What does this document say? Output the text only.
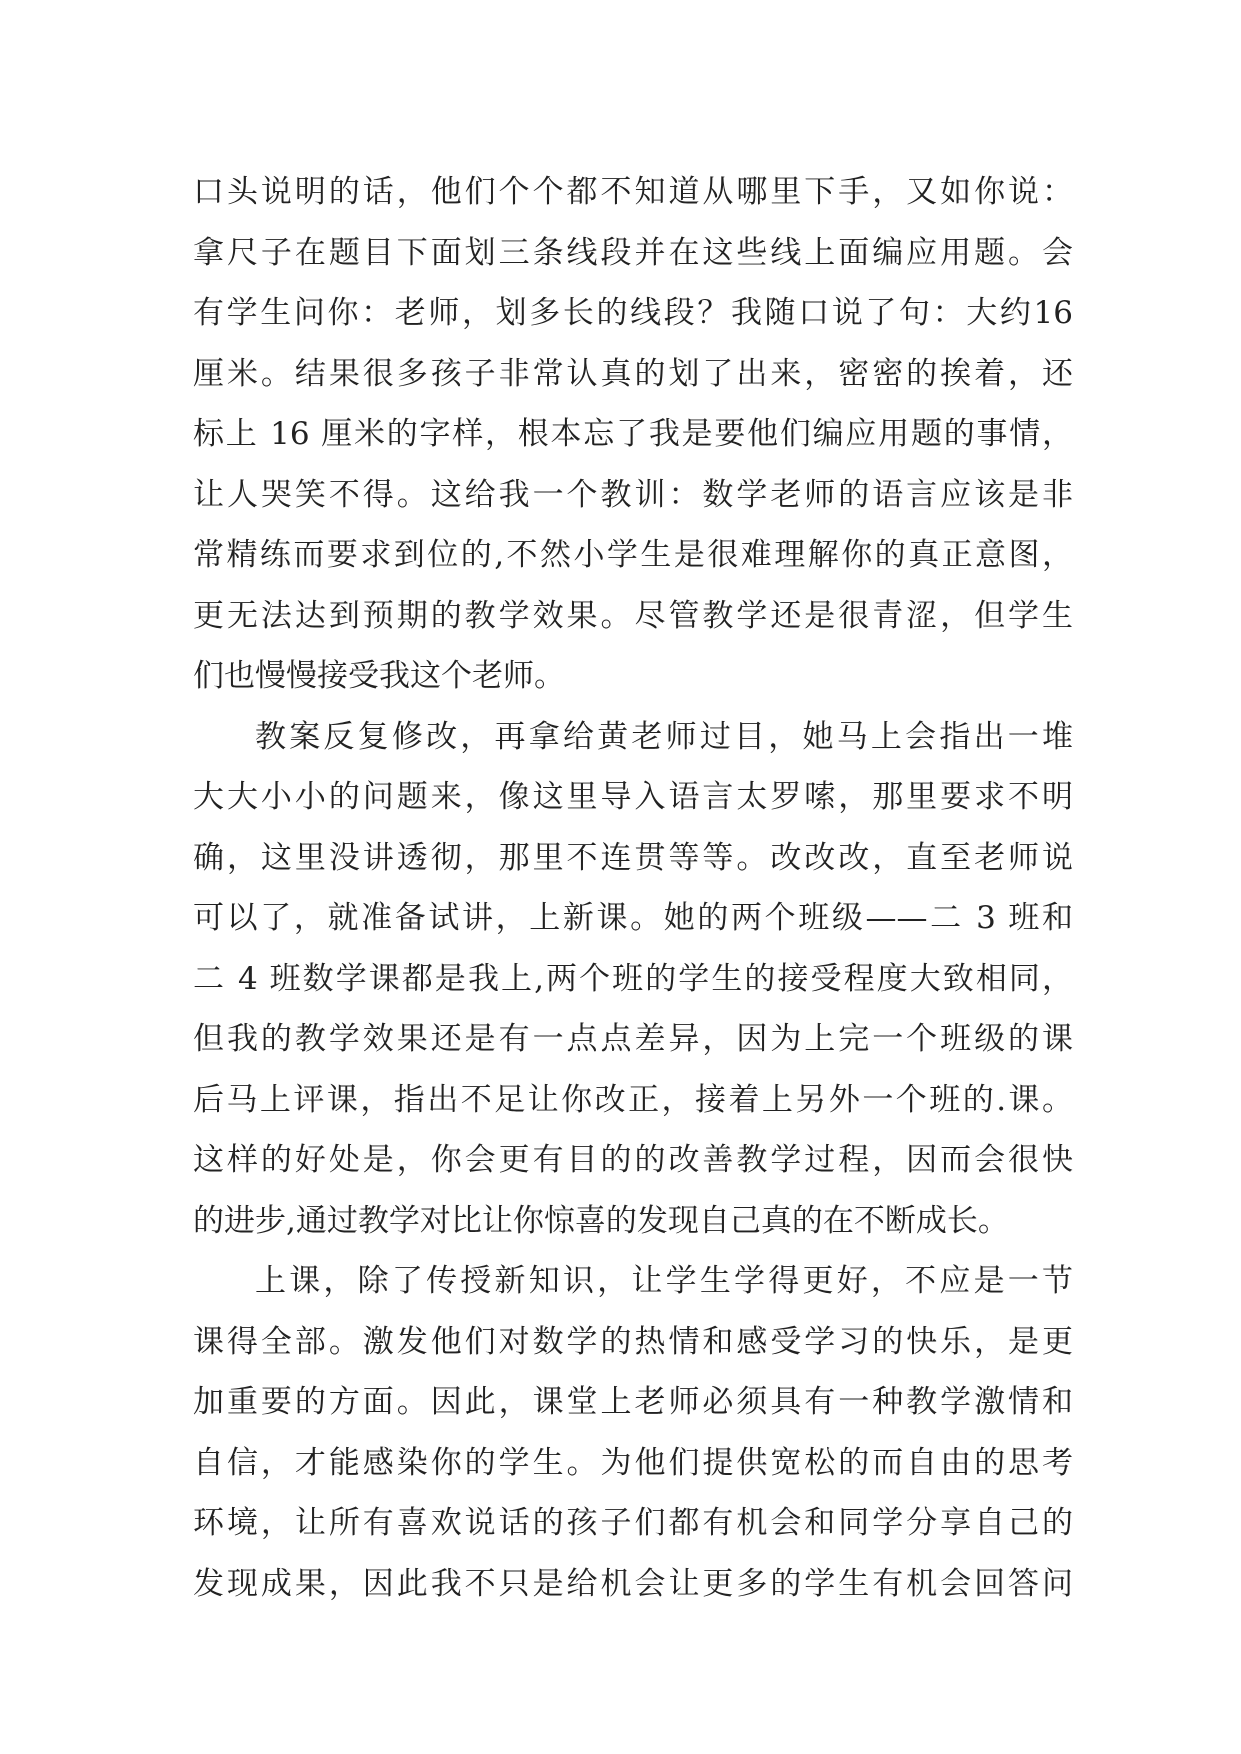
口头说明的话，他们个个都不知道从哪里下手，又如你说：
拿尺子在题目下面划三条线段并在这些线上面编应用题。会
有学生问你：老师，划多长的线段？我随口说了句：大约16
厘米。结果很多孩子非常认真的划了出来，密密的挨着，还
标上 16 厘米的字样，根本忘了我是要他们编应用题的事情，
让人哭笑不得。这给我一个教训：数学老师的语言应该是非
常精练而要求到位的,不然小学生是很难理解你的真正意图，
更无法达到预期的教学效果。尽管教学还是很青涩，但学生
们也慢慢接受我这个老师。
教案反复修改，再拿给黄老师过目，她马上会指出一堆
大大小小的问题来，像这里导入语言太罗嗦，那里要求不明
确，这里没讲透彻，那里不连贯等等。改改改，直至老师说
可以了，就准备试讲，上新课。她的两个班级——二 3 班和
二 4 班数学课都是我上,两个班的学生的接受程度大致相同，
但我的教学效果还是有一点点差异，因为上完一个班级的课
后马上评课，指出不足让你改正，接着上另外一个班的.课。
这样的好处是，你会更有目的的改善教学过程，因而会很快
的进步,通过教学对比让你惊喜的发现自己真的在不断成长。
上课，除了传授新知识，让学生学得更好，不应是一节
课得全部。激发他们对数学的热情和感受学习的快乐，是更
加重要的方面。因此，课堂上老师必须具有一种教学激情和
自信，才能感染你的学生。为他们提供宽松的而自由的思考
环境，让所有喜欢说话的孩子们都有机会和同学分享自己的
发现成果，因此我不只是给机会让更多的学生有机会回答问
